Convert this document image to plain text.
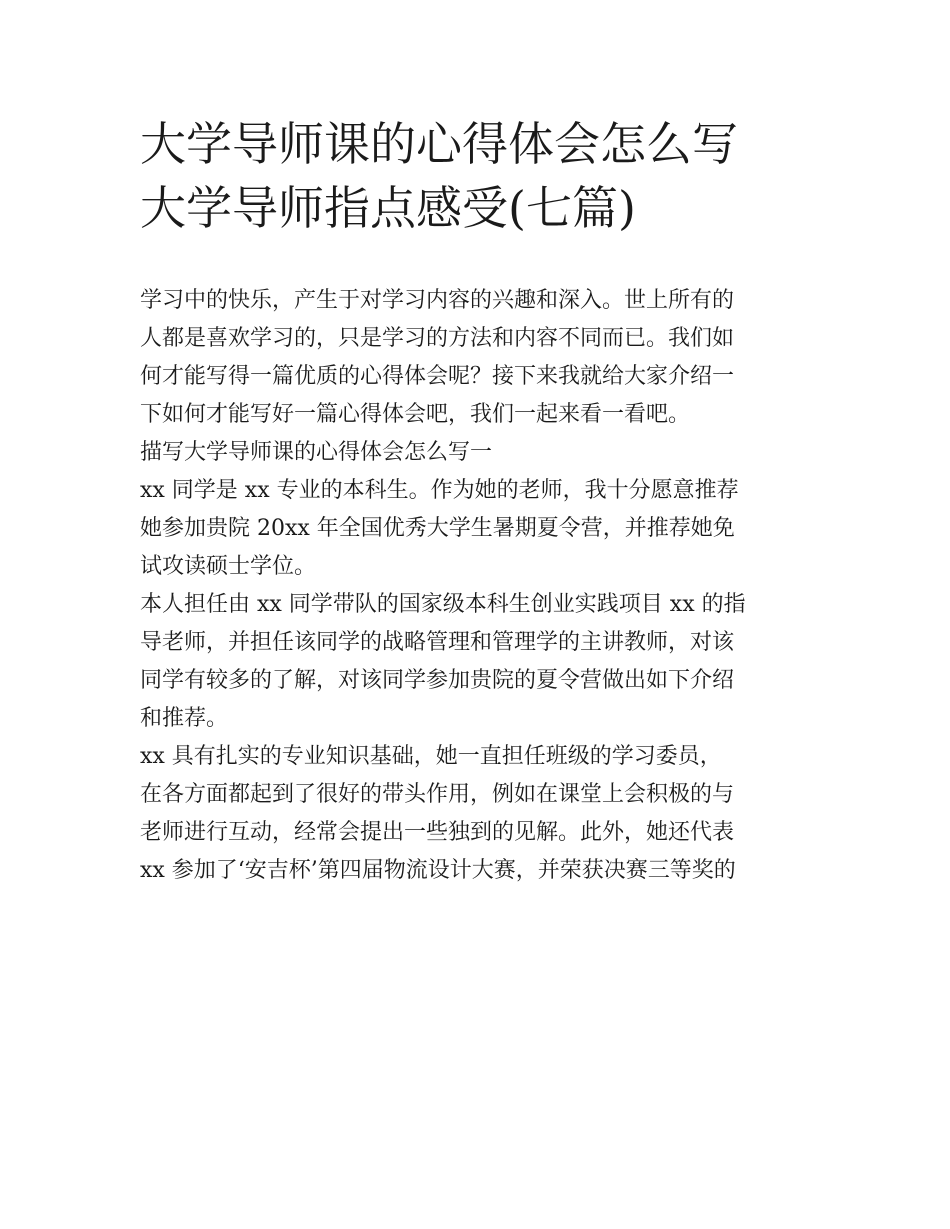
大学导师课的心得体会怎么写
大学导师指点感受(七篇)
学习中的快乐，产生于对学习内容的兴趣和深入。世上所有的
人都是喜欢学习的，只是学习的方法和内容不同而已。我们如
何才能写得一篇优质的心得体会呢？接下来我就给大家介绍一
下如何才能写好一篇心得体会吧，我们一起来看一看吧。
描写大学导师课的心得体会怎么写一
xx 同学是 xx 专业的本科生。作为她的老师，我十分愿意推荐
她参加贵院 20xx 年全国优秀大学生暑期夏令营，并推荐她免
试攻读硕士学位。
本人担任由 xx 同学带队的国家级本科生创业实践项目 xx 的指
导老师，并担任该同学的战略管理和管理学的主讲教师，对该
同学有较多的了解，对该同学参加贵院的夏令营做出如下介绍
和推荐。
xx 具有扎实的专业知识基础，她一直担任班级的学习委员，
在各方面都起到了很好的带头作用，例如在课堂上会积极的与
老师进行互动，经常会提出一些独到的见解。此外，她还代表
xx 参加了‘安吉杯’第四届物流设计大赛，并荣获决赛三等奖的
